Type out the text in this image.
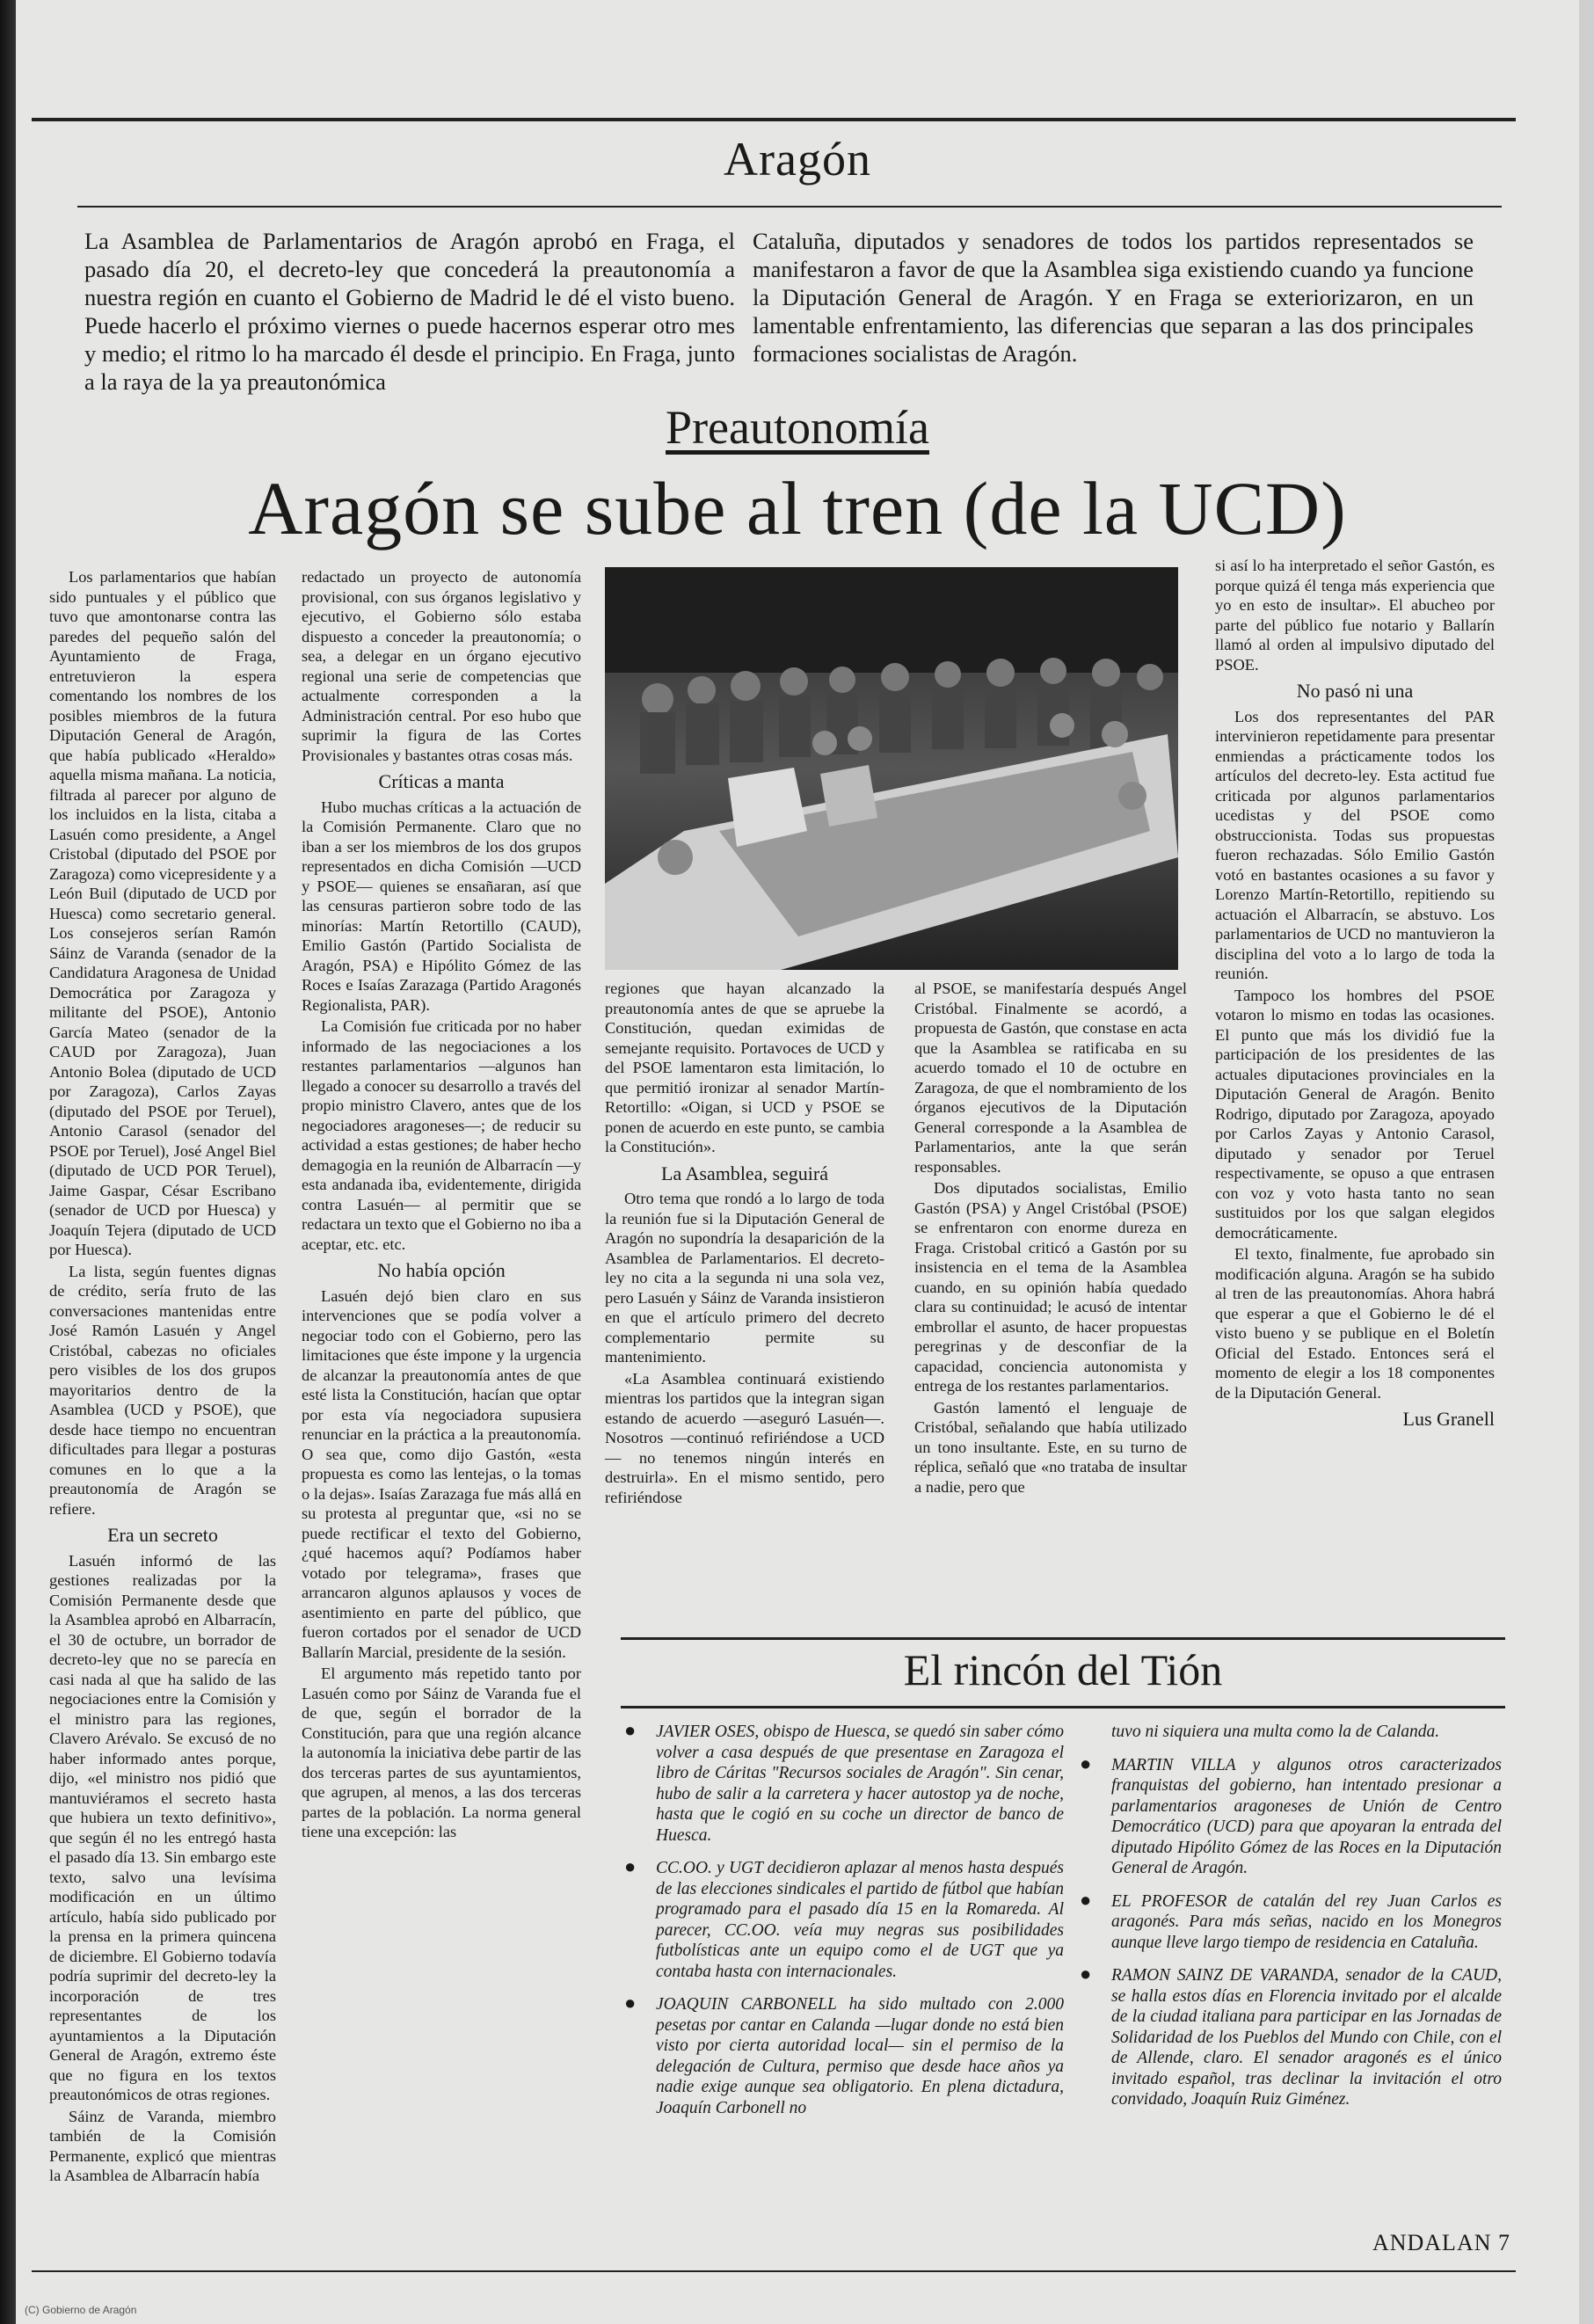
Aragón

La Asamblea de Parlamentarios de Aragón aprobó en Fraga, el pasado día 20, el decreto-ley que concederá la preautonomía a nuestra región en cuanto el Gobierno de Madrid le dé el visto bueno. Puede hacerlo el próximo viernes o puede hacernos esperar otro mes y medio; el ritmo lo ha marcado él desde el principio. En Fraga, junto a la raya de la ya preautonómica

Cataluña, diputados y senadores de todos los partidos representados se manifestaron a favor de que la Asamblea siga existiendo cuando ya funcione la Diputación General de Aragón. Y en Fraga se exteriorizaron, en un lamentable enfrentamiento, las diferencias que separan a las dos principales formaciones socialistas de Aragón.

Preautonomía
Aragón se sube al tren (de la UCD)

Los parlamentarios que habían sido puntuales y el público que tuvo que amontonarse contra las paredes del pequeño salón del Ayuntamiento de Fraga, entretuvieron la espera comentando los nombres de los posibles miembros de la futura Diputación General de Aragón, que había publicado «Heraldo» aquella misma mañana. La noticia, filtrada al parecer por alguno de los incluidos en la lista, citaba a Lasuén como presidente, a Angel Cristobal (diputado del PSOE por Zaragoza) como vicepresidente y a León Buil (diputado de UCD por Huesca) como secretario general. Los consejeros serían Ramón Sáinz de Varanda (senador de la Candidatura Aragonesa de Unidad Democrática por Zaragoza y militante del PSOE), Antonio García Mateo (senador de la CAUD por Zaragoza), Juan Antonio Bolea (diputado de UCD por Zaragoza), Carlos Zayas (diputado del PSOE por Teruel), Antonio Carasol (senador del PSOE por Teruel), José Angel Biel (diputado de UCD POR Teruel), Jaime Gaspar, César Escribano (senador de UCD por Huesca) y Joaquín Tejera (diputado de UCD por Huesca).

La lista, según fuentes dignas de crédito, sería fruto de las conversaciones mantenidas entre José Ramón Lasuén y Angel Cristóbal, cabezas no oficiales pero visibles de los dos grupos mayoritarios dentro de la Asamblea (UCD y PSOE), que desde hace tiempo no encuentran dificultades para llegar a posturas comunes en lo que a la preautonomía de Aragón se refiere.

Era un secreto

Lasuén informó de las gestiones realizadas por la Comisión Permanente desde que la Asamblea aprobó en Albarracín, el 30 de octubre, un borrador de decreto-ley que no se parecía en casi nada al que ha salido de las negociaciones entre la Comisión y el ministro para las regiones, Clavero Arévalo. Se excusó de no haber informado antes porque, dijo, «el ministro nos pidió que mantuviéramos el secreto hasta que hubiera un texto definitivo», que según él no les entregó hasta el pasado día 13. Sin embargo este texto, salvo una levísima modificación en un último artículo, había sido publicado por la prensa en la primera quincena de diciembre. El Gobierno todavía podría suprimir del decreto-ley la incorporación de tres representantes de los ayuntamientos a la Diputación General de Aragón, extremo éste que no figura en los textos preautonómicos de otras regiones.

Sáinz de Varanda, miembro también de la Comisión Permanente, explicó que mientras la Asamblea de Albarracín había

redactado un proyecto de autonomía provisional, con sus órganos legislativo y ejecutivo, el Gobierno sólo estaba dispuesto a conceder la preautonomía; o sea, a delegar en un órgano ejecutivo regional una serie de competencias que actualmente corresponden a la Administración central. Por eso hubo que suprimir la figura de las Cortes Provisionales y bastantes otras cosas más.

Críticas a manta

Hubo muchas críticas a la actuación de la Comisión Permanente. Claro que no iban a ser los miembros de los dos grupos representados en dicha Comisión —UCD y PSOE— quienes se ensañaran, así que las censuras partieron sobre todo de las minorías: Martín Retortillo (CAUD), Emilio Gastón (Partido Socialista de Aragón, PSA) e Hipólito Gómez de las Roces e Isaías Zarazaga (Partido Aragonés Regionalista, PAR).

La Comisión fue criticada por no haber informado de las negociaciones a los restantes parlamentarios —algunos han llegado a conocer su desarrollo a través del propio ministro Clavero, antes que de los negociadores aragoneses—; de reducir su actividad a estas gestiones; de haber hecho demagogia en la reunión de Albarracín —y esta andanada iba, evidentemente, dirigida contra Lasuén— al permitir que se redactara un texto que el Gobierno no iba a aceptar, etc. etc.

No había opción

Lasuén dejó bien claro en sus intervenciones que se podía volver a negociar todo con el Gobierno, pero las limitaciones que éste impone y la urgencia de alcanzar la preautonomía antes de que esté lista la Constitución, hacían que optar por esta vía negociadora supusiera renunciar en la práctica a la preautonomía. O sea que, como dijo Gastón, «esta propuesta es como las lentejas, o la tomas o la dejas». Isaías Zarazaga fue más allá en su protesta al preguntar que, «si no se puede rectificar el texto del Gobierno, ¿qué hacemos aquí? Podíamos haber votado por telegrama», frases que arrancaron algunos aplausos y voces de asentimiento en parte del público, que fueron cortados por el senador de UCD Ballarín Marcial, presidente de la sesión.

El argumento más repetido tanto por Lasuén como por Sáinz de Varanda fue el de que, según el borrador de la Constitución, para que una región alcance la autonomía la iniciativa debe partir de las dos terceras partes de sus ayuntamientos, que agrupen, al menos, a las dos terceras partes de la población. La norma general tiene una excepción: las

regiones que hayan alcanzado la preautonomía antes de que se apruebe la Constitución, quedan eximidas de semejante requisito. Portavoces de UCD y del PSOE lamentaron esta limitación, lo que permitió ironizar al senador Martín-Retortillo: «Oigan, si UCD y PSOE se ponen de acuerdo en este punto, se cambia la Constitución».

La Asamblea, seguirá

Otro tema que rondó a lo largo de toda la reunión fue si la Diputación General de Aragón no supondría la desaparición de la Asamblea de Parlamentarios. El decreto-ley no cita a la segunda ni una sola vez, pero Lasuén y Sáinz de Varanda insistieron en que el artículo primero del decreto complementario permite su mantenimiento.

«La Asamblea continuará existiendo mientras los partidos que la integran sigan estando de acuerdo —aseguró Lasuén—. Nosotros —continuó refiriéndose a UCD— no tenemos ningún interés en destruirla». En el mismo sentido, pero refiriéndose

al PSOE, se manifestaría después Angel Cristóbal. Finalmente se acordó, a propuesta de Gastón, que constase en acta que la Asamblea se ratificaba en su acuerdo tomado el 10 de octubre en Zaragoza, de que el nombramiento de los órganos ejecutivos de la Diputación General corresponde a la Asamblea de Parlamentarios, ante la que serán responsables.

Dos diputados socialistas, Emilio Gastón (PSA) y Angel Cristóbal (PSOE) se enfrentaron con enorme dureza en Fraga. Cristobal criticó a Gastón por su insistencia en el tema de la Asamblea cuando, en su opinión había quedado clara su continuidad; le acusó de intentar embrollar el asunto, de hacer propuestas peregrinas y de desconfiar de la capacidad, conciencia autonomista y entrega de los restantes parlamentarios.

Gastón lamentó el lenguaje de Cristóbal, señalando que había utilizado un tono insultante. Este, en su turno de réplica, señaló que «no trataba de insultar a nadie, pero que

si así lo ha interpretado el señor Gastón, es porque quizá él tenga más experiencia que yo en esto de insultar». El abucheo por parte del público fue notario y Ballarín llamó al orden al impulsivo diputado del PSOE.

No pasó ni una

Los dos representantes del PAR intervinieron repetidamente para presentar enmiendas a prácticamente todos los artículos del decreto-ley. Esta actitud fue criticada por algunos parlamentarios ucedistas y del PSOE como obstruccionista. Todas sus propuestas fueron rechazadas. Sólo Emilio Gastón votó en bastantes ocasiones a su favor y Lorenzo Martín-Retortillo, repitiendo su actuación el Albarracín, se abstuvo. Los parlamentarios de UCD no mantuvieron la disciplina del voto a lo largo de toda la reunión.

Tampoco los hombres del PSOE votaron lo mismo en todas las ocasiones. El punto que más los dividió fue la participación de los presidentes de las actuales diputaciones provinciales en la Diputación General de Aragón. Benito Rodrigo, diputado por Zaragoza, apoyado por Carlos Zayas y Antonio Carasol, diputado y senador por Teruel respectivamente, se opuso a que entrasen con voz y voto hasta tanto no sean sustituidos por los que salgan elegidos democráticamente.

El texto, finalmente, fue aprobado sin modificación alguna. Aragón se ha subido al tren de las preautonomías. Ahora habrá que esperar a que el Gobierno le dé el visto bueno y se publique en el Boletín Oficial del Estado. Entonces será el momento de elegir a los 18 componentes de la Diputación General.

Lus Granell
El rincón del Tión
● JAVIER OSES, obispo de Huesca, se quedó sin saber cómo volver a casa después de que presentase en Zaragoza el libro de Cáritas "Recursos sociales de Aragón". Sin cenar, hubo de salir a la carretera y hacer autostop ya de noche, hasta que le cogió en su coche un director de banco de Huesca.
● CC.OO. y UGT decidieron aplazar al menos hasta después de las elecciones sindicales el partido de fútbol que habían programado para el pasado día 15 en la Romareda. Al parecer, CC.OO. veía muy negras sus posibilidades futbolísticas ante un equipo como el de UGT que ya contaba hasta con internacionales.
● JOAQUIN CARBONELL ha sido multado con 2.000 pesetas por cantar en Calanda —lugar donde no está bien visto por cierta autoridad local— sin el permiso de la delegación de Cultura, permiso que desde hace años ya nadie exige aunque sea obligatorio. En plena dictadura, Joaquín Carbonell no
tuvo ni siquiera una multa como la de Calanda.
● MARTIN VILLA y algunos otros caracterizados franquistas del gobierno, han intentado presionar a parlamentarios aragoneses de Unión de Centro Democrático (UCD) para que apoyaran la entrada del diputado Hipólito Gómez de las Roces en la Diputación General de Aragón.
● EL PROFESOR de catalán del rey Juan Carlos es aragonés. Para más señas, nacido en los Monegros aunque lleve largo tiempo de residencia en Cataluña.
● RAMON SAINZ DE VARANDA, senador de la CAUD, se halla estos días en Florencia invitado por el alcalde de la ciudad italiana para participar en las Jornadas de Solidaridad de los Pueblos del Mundo con Chile, con el de Allende, claro. El senador aragonés es el único invitado español, tras declinar la invitación el otro convidado, Joaquín Ruiz Giménez.
ANDALAN 7
(C) Gobierno de Aragón
